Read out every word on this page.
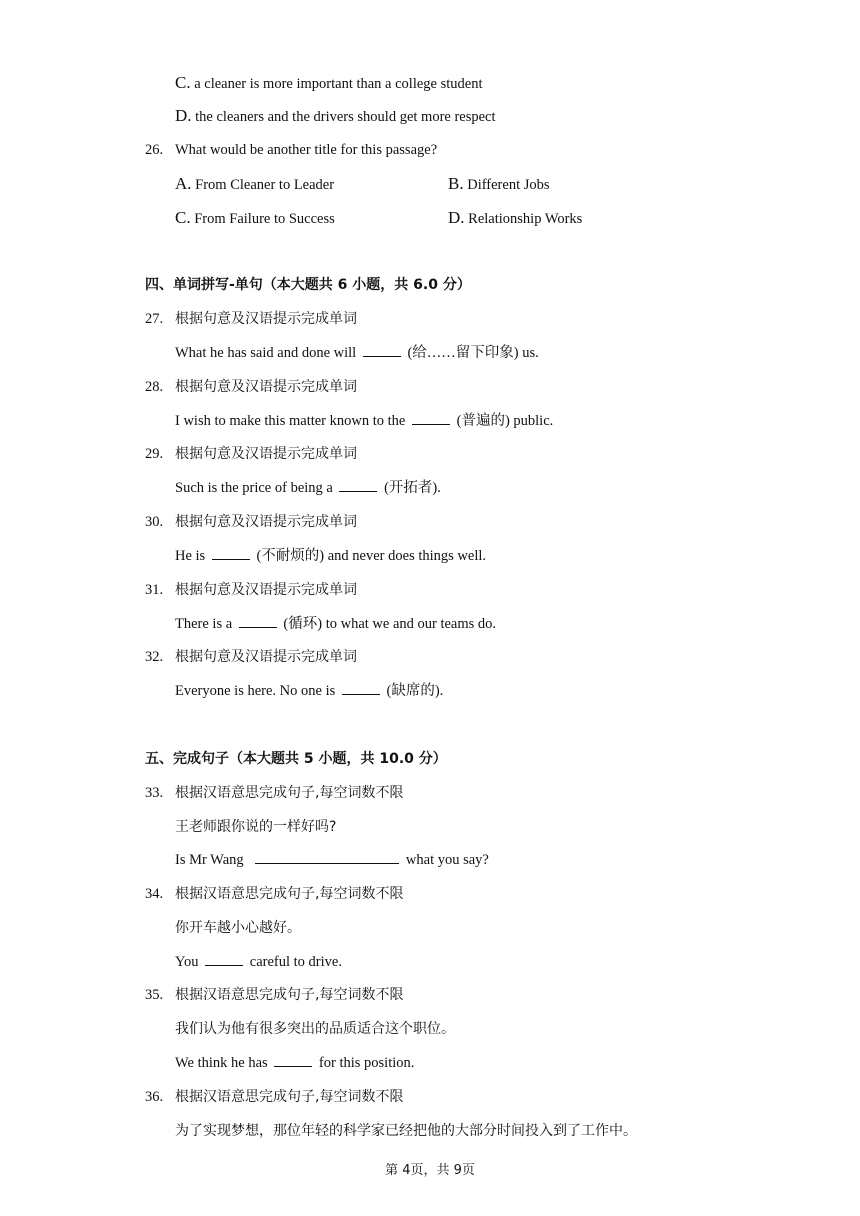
C. a cleaner is more important than a college student
D. the cleaners and the drivers should get more respect
26. What would be another title for this passage?
A. From Cleaner to Leader	B. Different Jobs
C. From Failure to Success	D. Relationship Works
四、单词拼写-单句（本大题共 6 小题，共 6.0 分）
27. 根据句意及汉语提示完成单词
What he has said and done will	(给……留下印象) us.
28. 根据句意及汉语提示完成单词
I wish to make this matter known to the	(普遍的) public.
29. 根据句意及汉语提示完成单词
Such is the price of being a	(开拓者).
30. 根据句意及汉语提示完成单词
He is	(不耐烦的) and never does things well.
31. 根据句意及汉语提示完成单词
There is a	(循环) to what we and our teams do.
32. 根据句意及汉语提示完成单词
Everyone is here. No one is	(缺席的).
五、完成句子（本大题共 5 小题，共 10.0 分）
33. 根据汉语意思完成句子,每空词数不限
王老师跟你说的一样好吗?
Is Mr Wang	what you say?
34. 根据汉语意思完成句子,每空词数不限
你开车越小心越好。
You	careful to drive.
35. 根据汉语意思完成句子,每空词数不限
我们认为他有很多突出的品质适合这个职位。
We think he has	for this position.
36. 根据汉语意思完成句子,每空词数不限
为了实现梦想，那位年轻的科学家已经把他的大部分时间投入到了工作中。
第 4页，共 9页
